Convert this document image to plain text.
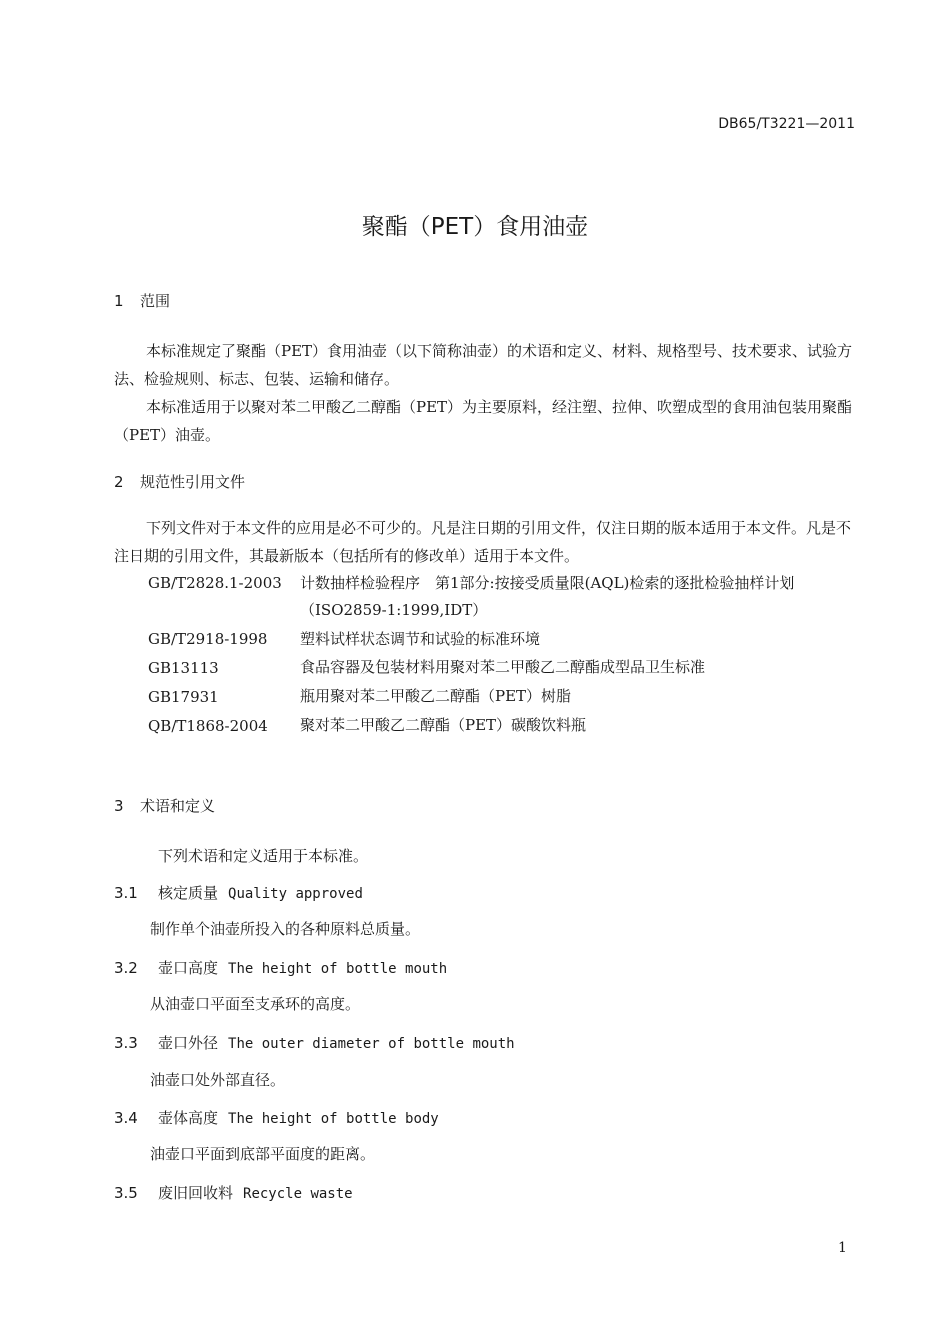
DB65/T3221—2011
聚酯（PET）食用油壶
1 范围
本标准规定了聚酯（PET）食用油壶（以下简称油壶）的术语和定义、材料、规格型号、技术要求、试验方法、检验规则、标志、包装、运输和储存。
本标准适用于以聚对苯二甲酸乙二醇酯（PET）为主要原料，经注塑、拉伸、吹塑成型的食用油包装用聚酯（PET）油壶。
2 规范性引用文件
下列文件对于本文件的应用是必不可少的。凡是注日期的引用文件，仅注日期的版本适用于本文件。凡是不注日期的引用文件，其最新版本（包括所有的修改单）适用于本文件。
GB/T2828.1-2003 计数抽样检验程序　第1部分:按接受质量限(AQL)检索的逐批检验抽样计划
（ISO2859-1:1999,IDT）
GB/T2918-1998 塑料试样状态调节和试验的标准环境
GB13113	食品容器及包装材料用聚对苯二甲酸乙二醇酯成型品卫生标准
GB17931	瓶用聚对苯二甲酸乙二醇酯（PET）树脂
QB/T1868-2004 聚对苯二甲酸乙二醇酯（PET）碳酸饮料瓶
3 术语和定义
下列术语和定义适用于本标准。
3.1 核定质量 Quality approved
制作单个油壶所投入的各种原料总质量。
3.2 壶口高度 The height of bottle mouth
从油壶口平面至支承环的高度。
3.3 壶口外径 The outer diameter of bottle mouth
油壶口处外部直径。
3.4 壶体高度 The height of bottle body
油壶口平面到底部平面度的距离。
3.5 废旧回收料 Recycle waste
1
